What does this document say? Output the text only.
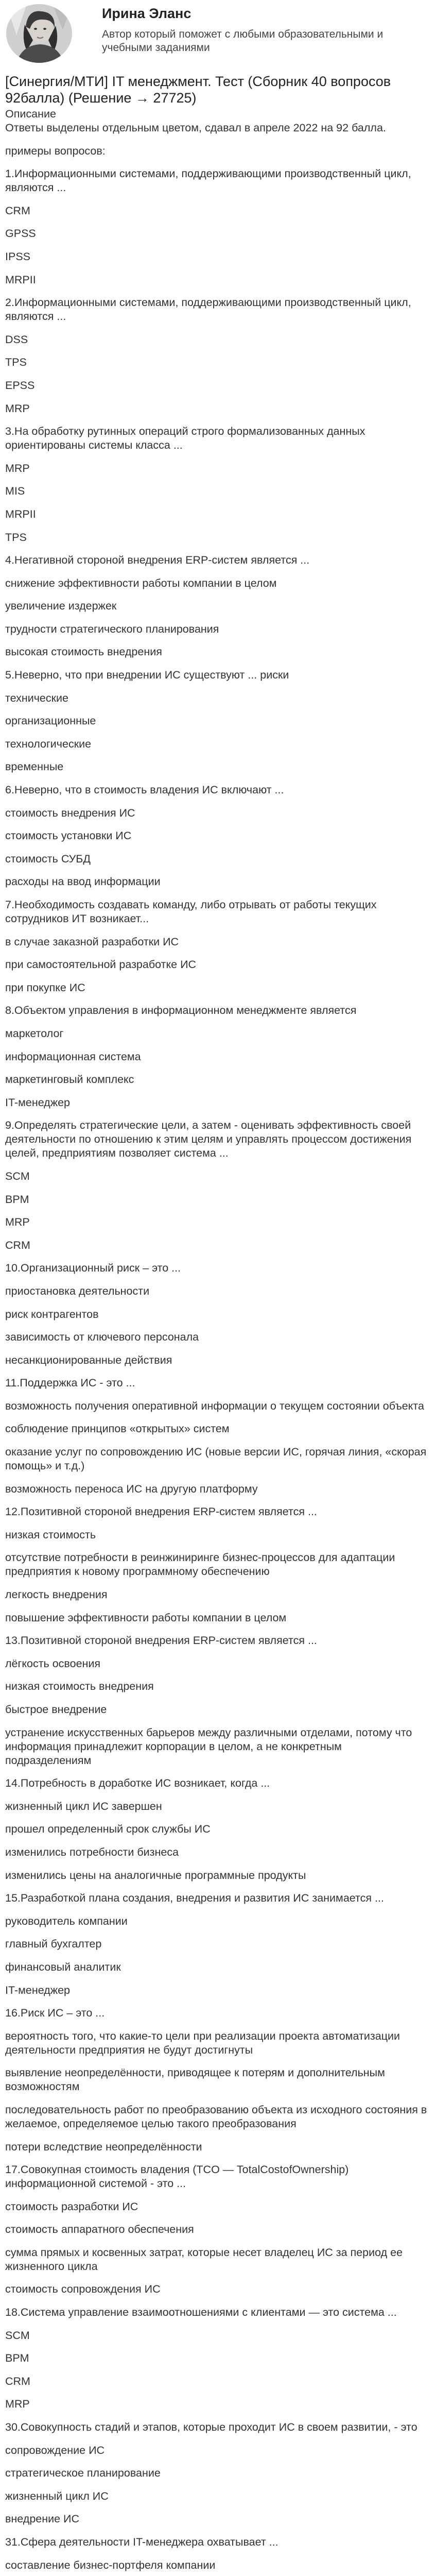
Ирина Эланс
Автор который поможет с любыми образовательными и учебными заданиями
[Синергия/МТИ] IT менеджмент. Тест (Сборник 40 вопросов 92балла) (Решение → 27725)
Описание
Ответы выделены отдельным цветом, сдавал в апреле 2022 на 92 балла.
примеры вопросов:
1.Информационными системами, поддерживающими производственный цикл, являются ...
CRM
GPSS
IPSS
MRPII
2.Информационными системами, поддерживающими производственный цикл, являются ...
DSS
TPS
EPSS
MRP
3.На обработку рутинных операций строго формализованных данных ориентированы системы класса ...
MRP
MIS
MRPII
TPS
4.Негативной стороной внедрения ERP-систем является ...
снижение эффективности работы компании в целом
увеличение издержек
трудности стратегического планирования
высокая стоимость внедрения
5.Неверно, что при внедрении ИС существуют ... риски
технические
организационные
технологические
временные
6.Неверно, что в стоимость владения ИС включают ...
стоимость внедрения ИС
стоимость установки ИС
стоимость СУБД
расходы на ввод информации
7.Необходимость создавать команду, либо отрывать от работы текущих сотрудников ИТ возникает...
в случае заказной разработки ИС
при самостоятельной разработке ИС
при покупке ИС
8.Объектом управления в информационном менеджменте является
маркетолог
информационная система
маркетинговый комплекс
IT-менеджер
9.Определять стратегические цели, а затем - оценивать эффективность своей деятельности по отношению к этим целям и управлять процессом достижения целей, предприятиям позволяет система ...
SCM
BPM
MRP
CRM
10.Организационный риск – это ...
приостановка деятельности
риск контрагентов
зависимость от ключевого персонала
несанкционированные действия
11.Поддержка ИС - это ...
возможность получения оперативной информации о текущем состоянии объекта
соблюдение принципов «открытых» систем
оказание услуг по сопровождению ИС (новые версии ИС, горячая линия, «скорая помощь» и т.д.)
возможность переноса ИС на другую платформу
12.Позитивной стороной внедрения ERP-систем является ...
низкая стоимость
отсутствие потребности в реинжиниринге бизнес-процессов для адаптации предприятия к новому программному обеспечению
легкость внедрения
повышение эффективности работы компании в целом
13.Позитивной стороной внедрения ERP-систем является ...
лёгкость освоения
низкая стоимость внедрения
быстрое внедрение
устранение искусственных барьеров между различными отделами, потому что информация принадлежит корпорации в целом, а не конкретным подразделениям
14.Потребность в доработке ИС возникает, когда ...
жизненный цикл ИС завершен
прошел определенный срок службы ИС
изменились потребности бизнеса
изменились цены на аналогичные программные продукты
15.Разработкой плана создания, внедрения и развития ИС занимается ...
руководитель компании
главный бухгалтер
финансовый аналитик
IT-менеджер
16.Риск ИС – это ...
вероятность того, что какие-то цели при реализации проекта автоматизации деятельности предприятия не будут достигнуты
выявление неопределённости, приводящее к потерям и дополнительным возможностям
последовательность работ по преобразованию объекта из исходного состояния в желаемое, определяемое целью такого преобразования
потери вследствие неопределённости
17.Совокупная стоимость владения (TCO — TotalCostofOwnership) информационной системой - это ...
стоимость разработки ИС
стоимость аппаратного обеспечения
сумма прямых и косвенных затрат, которые несет владелец ИС за период ее жизненного цикла
стоимость сопровождения ИС
18.Система управление взаимоотношениями с клиентами — это система ...
SCM
BPM
CRM
MRP
30.Совокупность стадий и этапов, которые проходит ИС в своем развитии, - это
сопровождение ИС
стратегическое планирование
жизненный цикл ИС
внедрение ИС
31.Сфера деятельности IT-менеджера охватывает ...
составление бизнес-портфеля компании
